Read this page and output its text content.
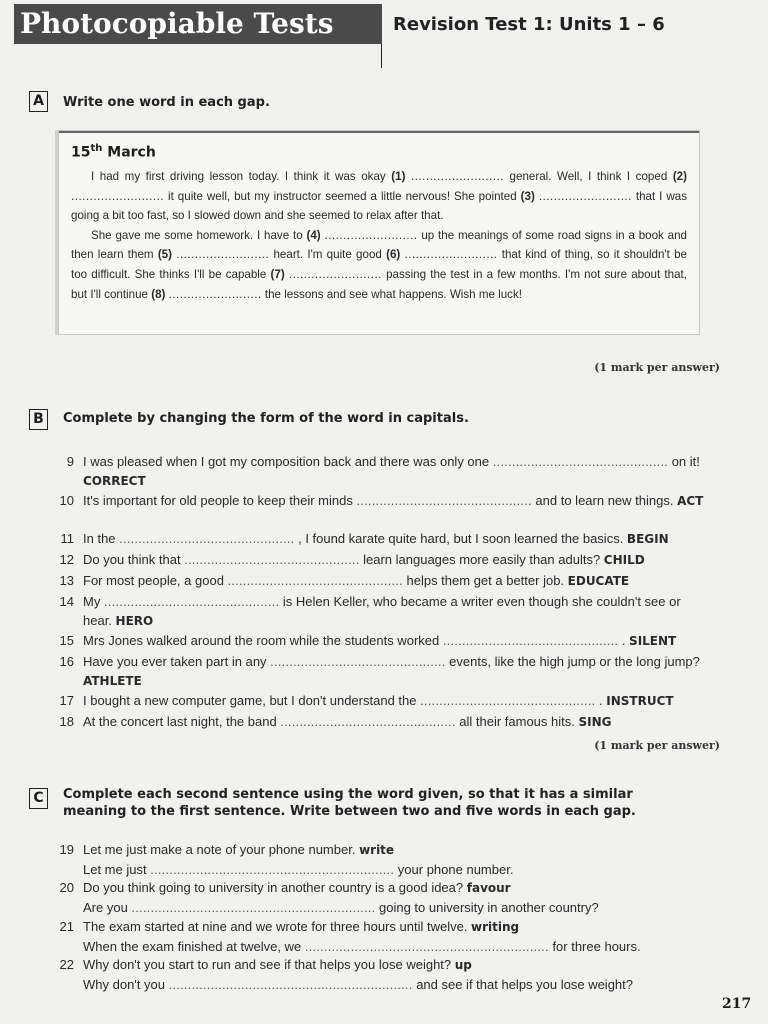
Photocopiable Tests	Revision Test 1: Units 1 – 6
A	Write one word in each gap.
15th March
I had my first driving lesson today. I think it was okay (1) ......................... general. Well, I think I coped (2) ......................... it quite well, but my instructor seemed a little nervous! She pointed (3) ......................... that I was going a bit too fast, so I slowed down and she seemed to relax after that.
She gave me some homework. I have to (4) ......................... up the meanings of some road signs in a book and then learn them (5) ......................... heart. I'm quite good (6) ......................... that kind of thing, so it shouldn't be too difficult. She thinks I'll be capable (7) ......................... passing the test in a few months. I'm not sure about that, but I'll continue (8) ......................... the lessons and see what happens. Wish me luck!
(1 mark per answer)
B	Complete by changing the form of the word in capitals.
9 I was pleased when I got my composition back and there was only one .............................................. on it! CORRECT
10 It's important for old people to keep their minds .............................................. and to learn new things. ACT
11 In the .............................................. , I found karate quite hard, but I soon learned the basics. BEGIN
12 Do you think that .............................................. learn languages more easily than adults? CHILD
13 For most people, a good .............................................. helps them get a better job. EDUCATE
14 My .............................................. is Helen Keller, who became a writer even though she couldn't see or hear. HERO
15 Mrs Jones walked around the room while the students worked .............................................. . SILENT
16 Have you ever taken part in any .............................................. events, like the high jump or the long jump? ATHLETE
17 I bought a new computer game, but I don't understand the .............................................. . INSTRUCT
18 At the concert last night, the band .............................................. all their famous hits. SING
(1 mark per answer)
C	Complete each second sentence using the word given, so that it has a similar meaning to the first sentence. Write between two and five words in each gap.
19 Let me just make a note of your phone number. write
Let me just ................................................................ your phone number.
20 Do you think going to university in another country is a good idea? favour
Are you ................................................................ going to university in another country?
21 The exam started at nine and we wrote for three hours until twelve. writing
When the exam finished at twelve, we ................................................................ for three hours.
22 Why don't you start to run and see if that helps you lose weight? up
Why don't you ................................................................ and see if that helps you lose weight?
217
